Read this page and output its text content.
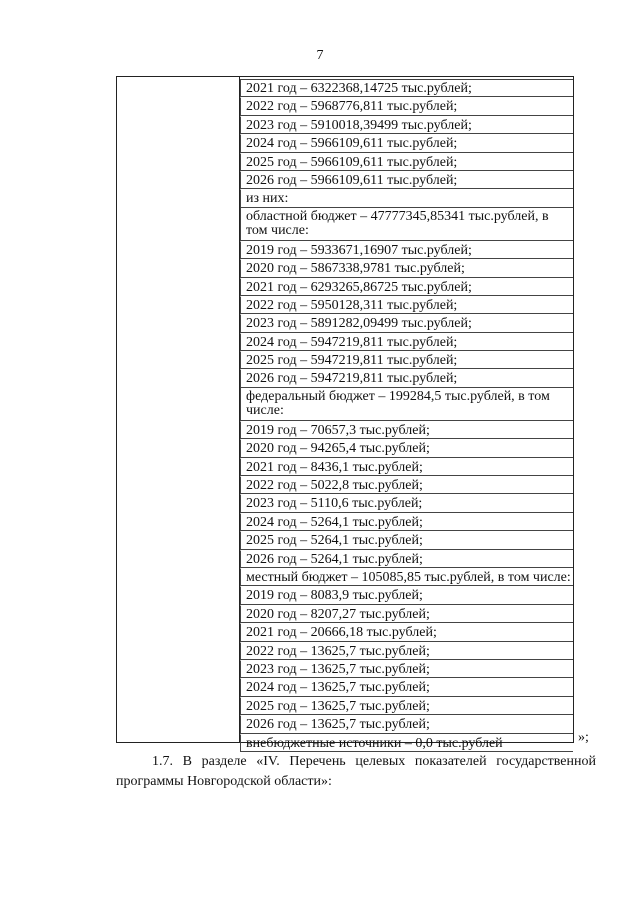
7
2021 год – 6322368,14725 тыс.рублей;
2022 год – 5968776,811 тыс.рублей;
2023 год – 5910018,39499 тыс.рублей;
2024 год – 5966109,611 тыс.рублей;
2025 год – 5966109,611 тыс.рублей;
2026 год – 5966109,611 тыс.рублей;
из них:
областной бюджет – 47777345,85341 тыс.рублей, в том числе:
2019 год – 5933671,16907 тыс.рублей;
2020 год – 5867338,9781 тыс.рублей;
2021 год – 6293265,86725 тыс.рублей;
2022 год – 5950128,311 тыс.рублей;
2023 год – 5891282,09499 тыс.рублей;
2024 год – 5947219,811 тыс.рублей;
2025 год – 5947219,811 тыс.рублей;
2026 год – 5947219,811 тыс.рублей;
федеральный бюджет – 199284,5 тыс.рублей, в том числе:
2019 год – 70657,3 тыс.рублей;
2020 год – 94265,4 тыс.рублей;
2021 год – 8436,1 тыс.рублей;
2022 год – 5022,8 тыс.рублей;
2023 год – 5110,6 тыс.рублей;
2024 год – 5264,1 тыс.рублей;
2025 год – 5264,1 тыс.рублей;
2026 год – 5264,1 тыс.рублей;
местный бюджет – 105085,85 тыс.рублей, в том числе:
2019 год – 8083,9 тыс.рублей;
2020 год – 8207,27 тыс.рублей;
2021 год – 20666,18 тыс.рублей;
2022 год – 13625,7 тыс.рублей;
2023 год – 13625,7 тыс.рублей;
2024 год – 13625,7 тыс.рублей;
2025 год – 13625,7 тыс.рублей;
2026 год – 13625,7 тыс.рублей;
внебюджетные источники – 0,0 тыс.рублей	»;
1.7. В разделе «IV. Перечень целевых показателей государственной
программы Новгородской области»:
